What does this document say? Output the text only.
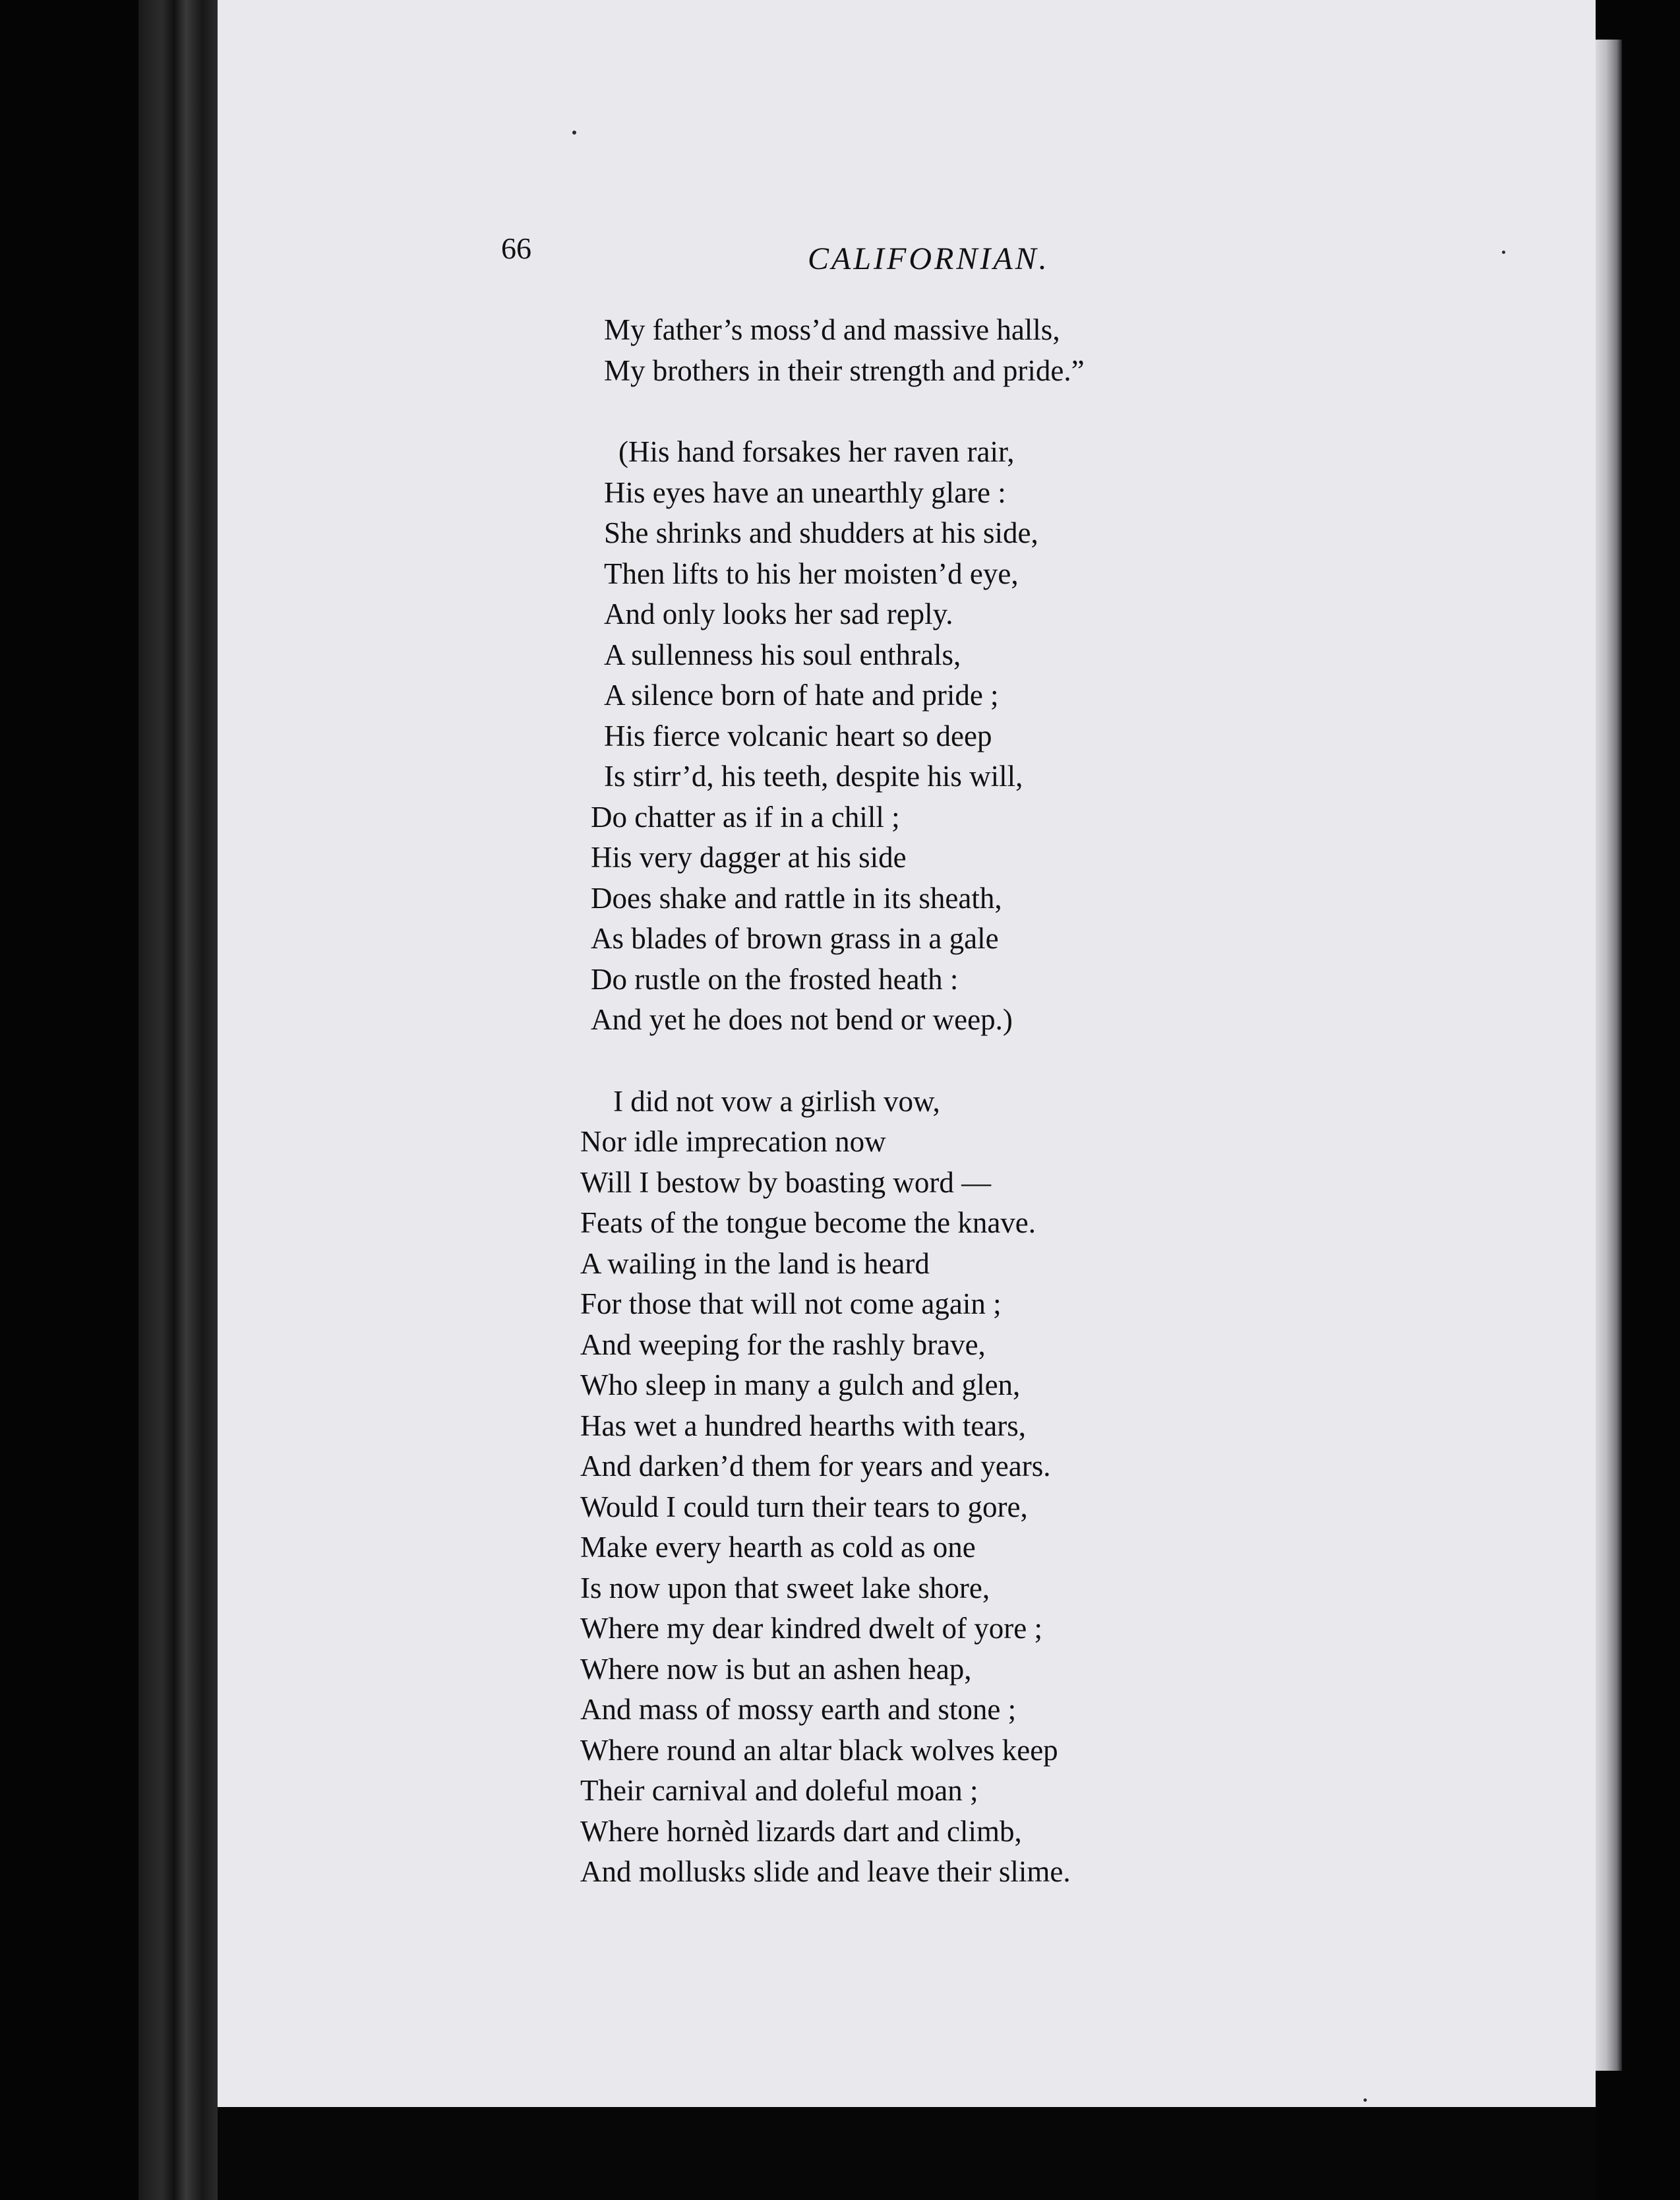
66	CALIFORNIAN.
My father’s moss’d and massive halls,
My brothers in their strength and pride.”
(His hand forsakes her raven rair,
His eyes have an unearthly glare :
She shrinks and shudders at his side,
Then lifts to his her moisten’d eye,
And only looks her sad reply.
A sullenness his soul enthrals,
A silence born of hate and pride ;
His fierce volcanic heart so deep
Is stirr’d, his teeth, despite his will,
Do chatter as if in a chill ;
His very dagger at his side
Does shake and rattle in its sheath,
As blades of brown grass in a gale
Do rustle on the frosted heath :
And yet he does not bend or weep.)
I did not vow a girlish vow,
Nor idle imprecation now
Will I bestow by boasting word —
Feats of the tongue become the knave.
A wailing in the land is heard
For those that will not come again ;
And weeping for the rashly brave,
Who sleep in many a gulch and glen,
Has wet a hundred hearths with tears,
And darken’d them for years and years.
Would I could turn their tears to gore,
Make every hearth as cold as one
Is now upon that sweet lake shore,
Where my dear kindred dwelt of yore ;
Where now is but an ashen heap,
And mass of mossy earth and stone ;
Where round an altar black wolves keep
Their carnival and doleful moan ;
Where hornèd lizards dart and climb,
And mollusks slide and leave their slime.
